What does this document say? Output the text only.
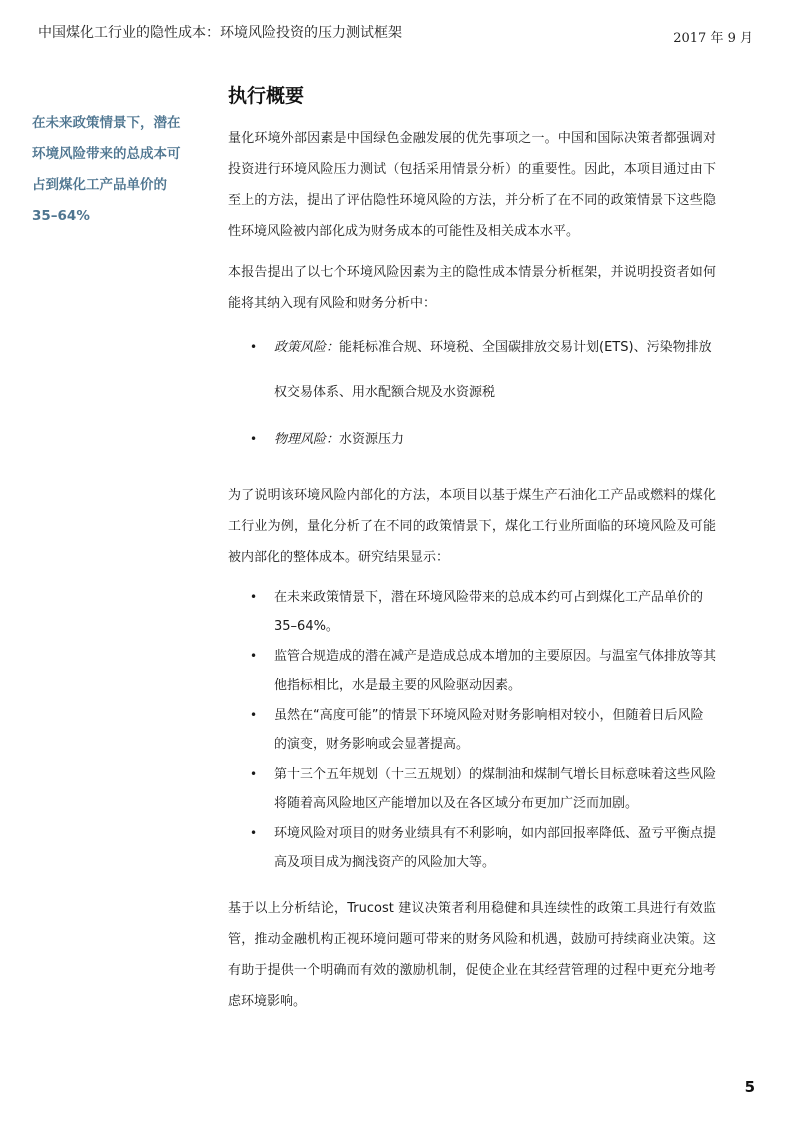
中国煤化工行业的隐性成本：环境风险投资的压力测试框架	2017 年 9 月
在未来政策情景下，潜在环境风险带来的总成本可占到煤化工产品单价的 35–64%
执行概要

量化环境外部因素是中国绿色金融发展的优先事项之一。中国和国际决策者都强调对投资进行环境风险压力测试（包括采用情景分析）的重要性。因此，本项目通过由下至上的方法，提出了评估隐性环境风险的方法，并分析了在不同的政策情景下这些隐性环境风险被内部化成为财务成本的可能性及相关成本水平。

本报告提出了以七个环境风险因素为主的隐性成本情景分析框架，并说明投资者如何能将其纳入现有风险和财务分析中：

• 政策风险：能耗标准合规、环境税、全国碳排放交易计划(ETS)、污染物排放权交易体系、用水配额合规及水资源税
• 物理风险：水资源压力

为了说明该环境风险内部化的方法，本项目以基于煤生产石油化工产品或燃料的煤化工行业为例，量化分析了在不同的政策情景下，煤化工行业所面临的环境风险及可能被内部化的整体成本。研究结果显示：

• 在未来政策情景下，潜在环境风险带来的总成本约可占到煤化工产品单价的 35–64%。
• 监管合规造成的潜在减产是造成总成本增加的主要原因。与温室气体排放等其他指标相比，水是最主要的风险驱动因素。
• 虽然在“高度可能”的情景下环境风险对财务影响相对较小，但随着日后风险的演变，财务影响或会显著提高。
• 第十三个五年规划（十三五规划）的煤制油和煤制气增长目标意味着这些风险将随着高风险地区产能增加以及在各区域分布更加广泛而加剧。
• 环境风险对项目的财务业绩具有不利影响，如内部回报率降低、盈亏平衡点提高及项目成为搁浅资产的风险加大等。

基于以上分析结论，Trucost 建议决策者利用稳健和具连续性的政策工具进行有效监管，推动金融机构正视环境问题可带来的财务风险和机遇，鼓励可持续商业决策。这有助于提供一个明确而有效的激励机制，促使企业在其经营管理的过程中更充分地考虑环境影响。

5
